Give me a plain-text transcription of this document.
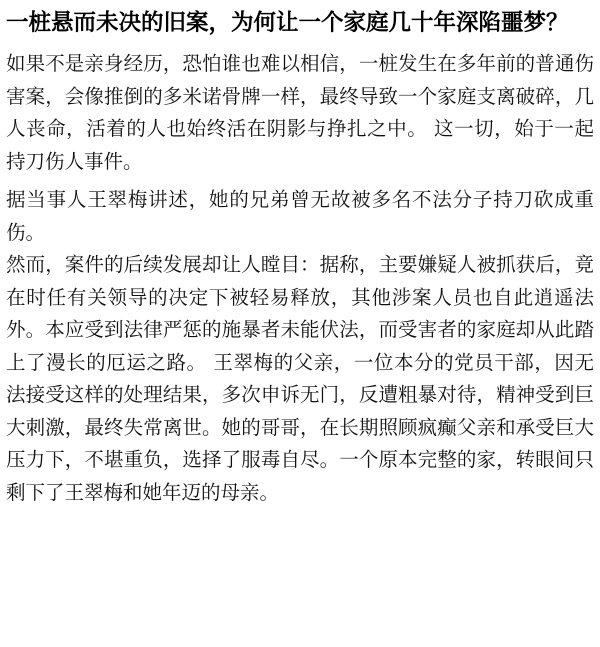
一桩悬而未决的旧案，为何让一个家庭几十年深陷噩梦？

如果不是亲身经历，恐怕谁也难以相信，一桩发生在多年前的普通伤害案，会像推倒的多米诺骨牌一样，最终导致一个家庭支离破碎，几人丧命，活着的人也始终活在阴影与挣扎之中。 这一切，始于一起持刀伤人事件。

据当事人王翠梅讲述，她的兄弟曾无故被多名不法分子持刀砍成重伤。

然而，案件的后续发展却让人瞠目：据称，主要嫌疑人被抓获后，竟在时任有关领导的决定下被轻易释放，其他涉案人员也自此逍遥法外。本应受到法律严惩的施暴者未能伏法，而受害者的家庭却从此踏上了漫长的厄运之路。 王翠梅的父亲，一位本分的党员干部，因无法接受这样的处理结果，多次申诉无门，反遭粗暴对待，精神受到巨大刺激，最终失常离世。她的哥哥，在长期照顾疯癫父亲和承受巨大压力下，不堪重负，选择了服毒自尽。一个原本完整的家，转眼间只剩下了王翠梅和她年迈的母亲。
